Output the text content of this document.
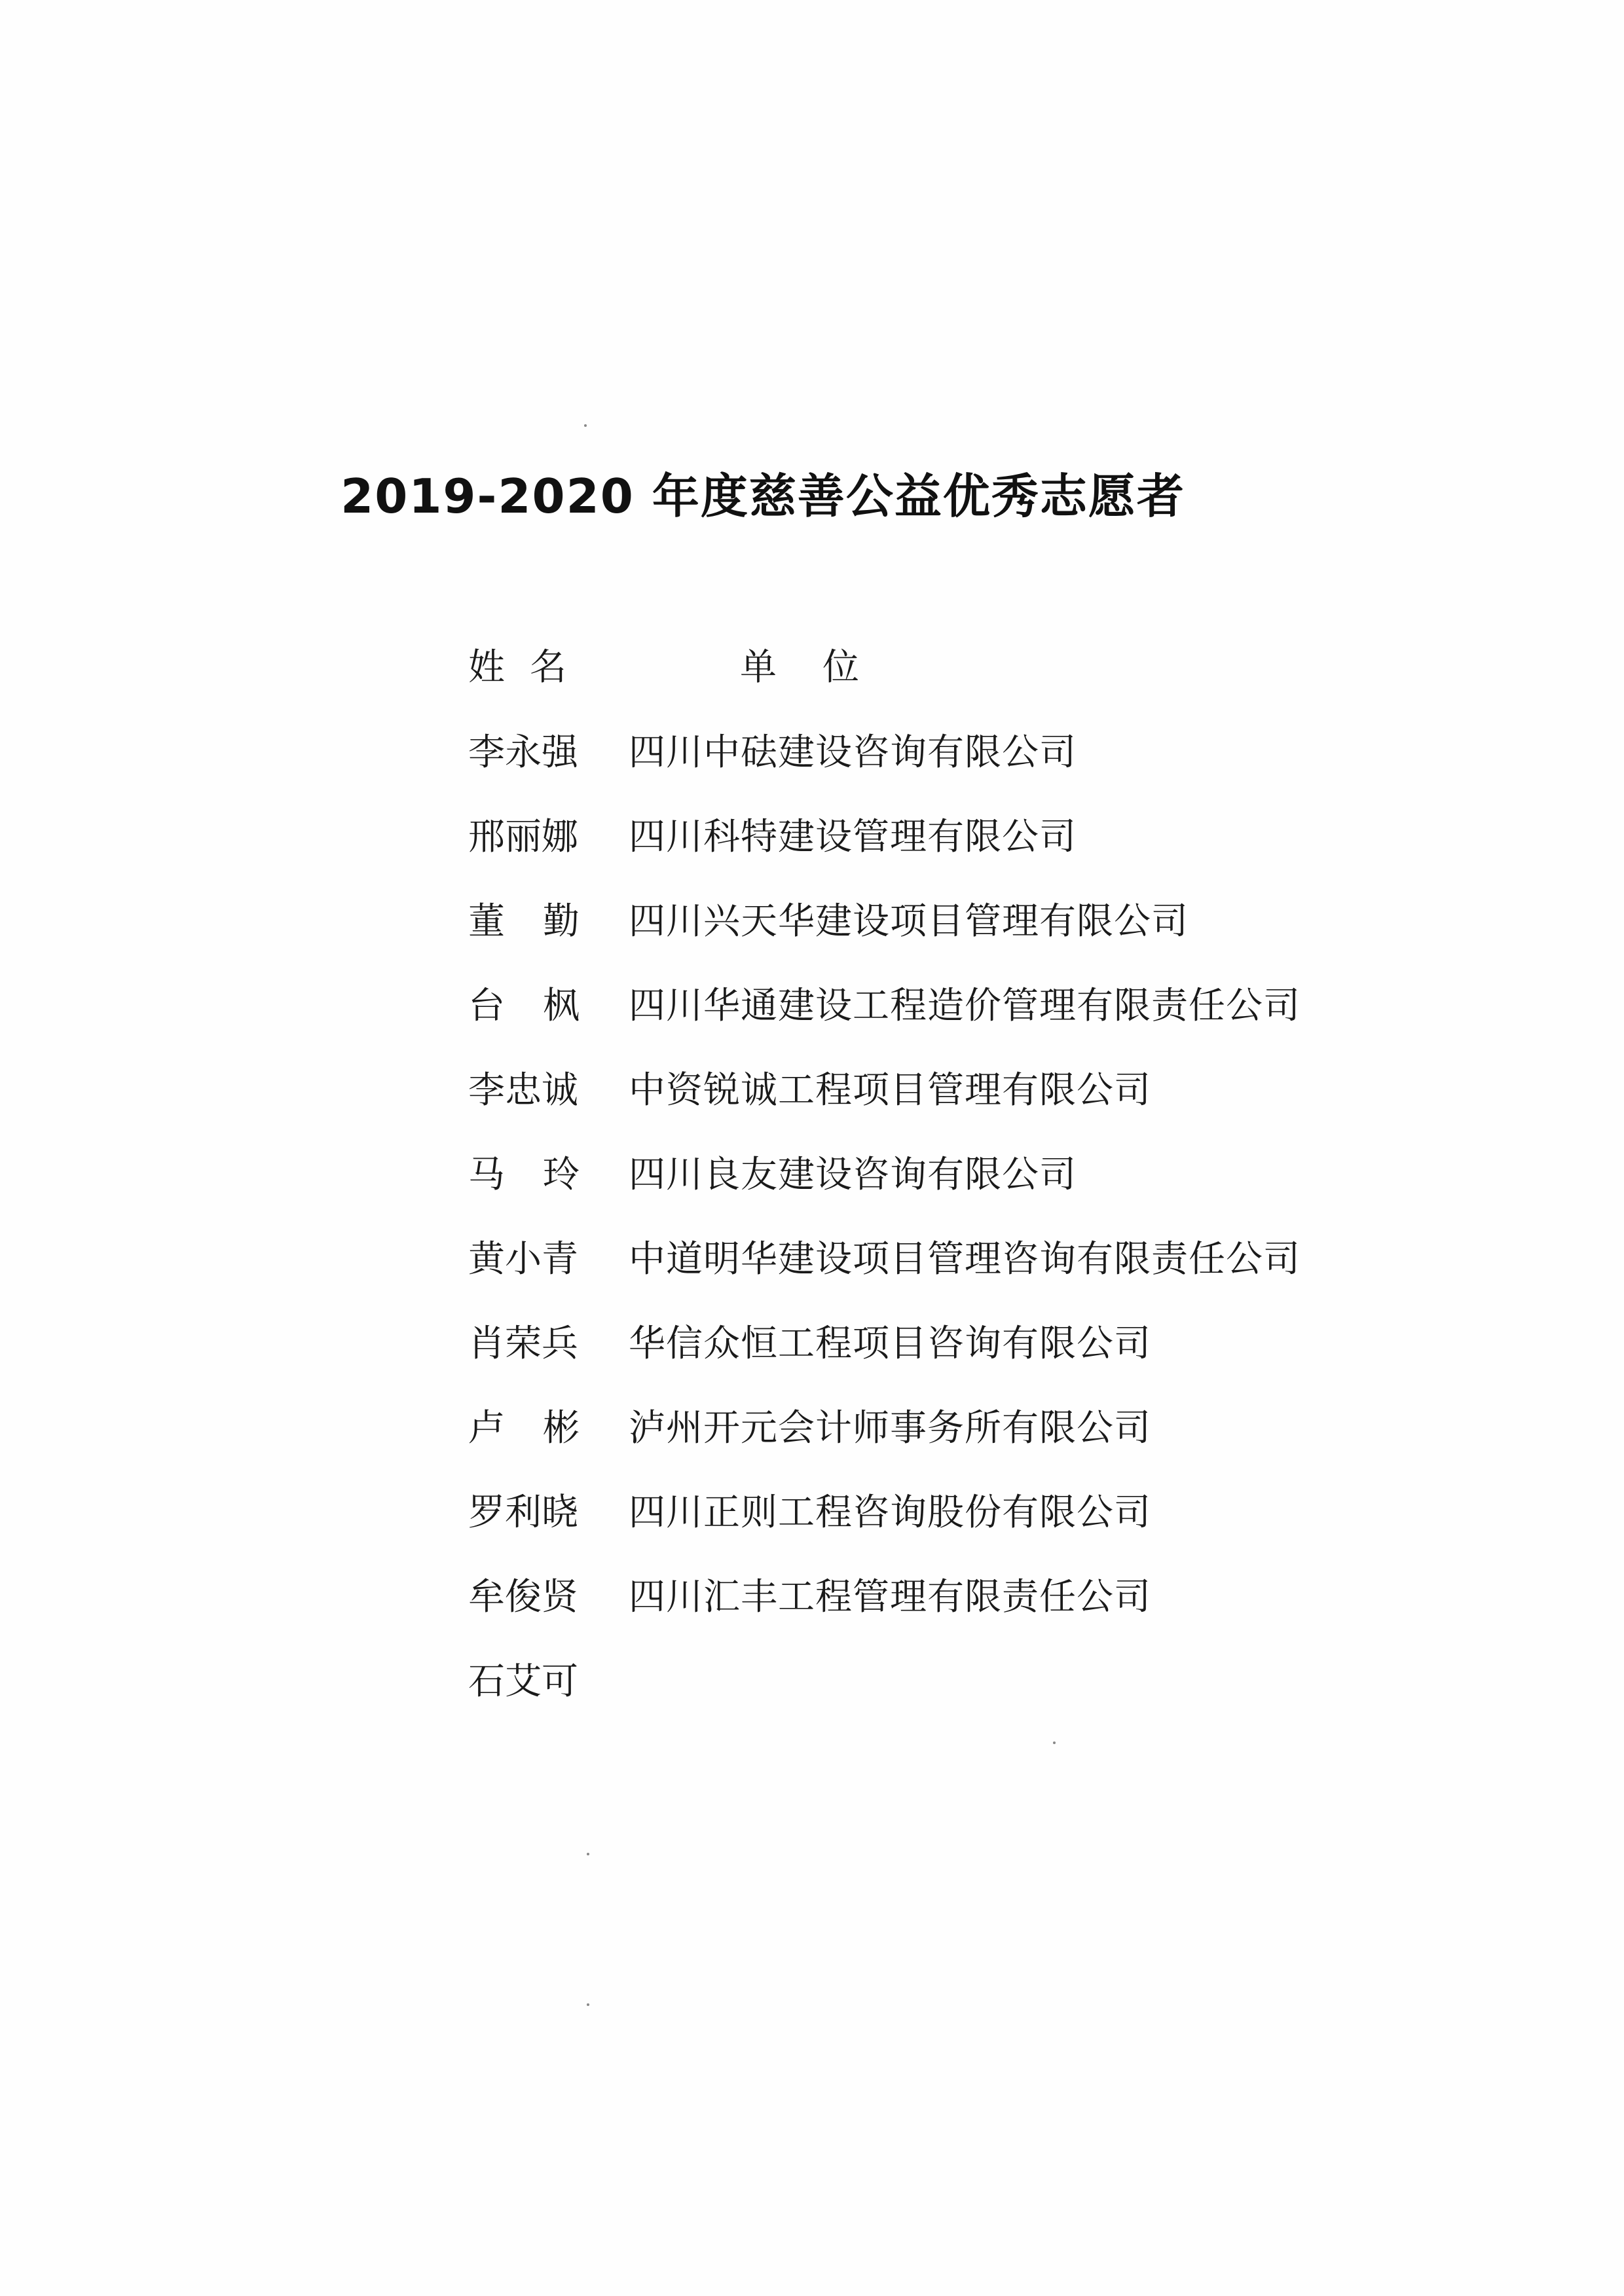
2019-2020 年度慈善公益优秀志愿者
姓名	单位
李永强	四川中砝建设咨询有限公司
邢丽娜	四川科特建设管理有限公司
董勤 四川兴天华建设项目管理有限公司
台枫 四川华通建设工程造价管理有限责任公司
李忠诚	中资锐诚工程项目管理有限公司
马玲 四川良友建设咨询有限公司
黄小青	中道明华建设项目管理咨询有限责任公司
肖荣兵	华信众恒工程项目咨询有限公司
卢彬 泸州开元会计师事务所有限公司
罗利晓	四川正则工程咨询股份有限公司
牟俊贤	四川汇丰工程管理有限责任公司
石艾可
